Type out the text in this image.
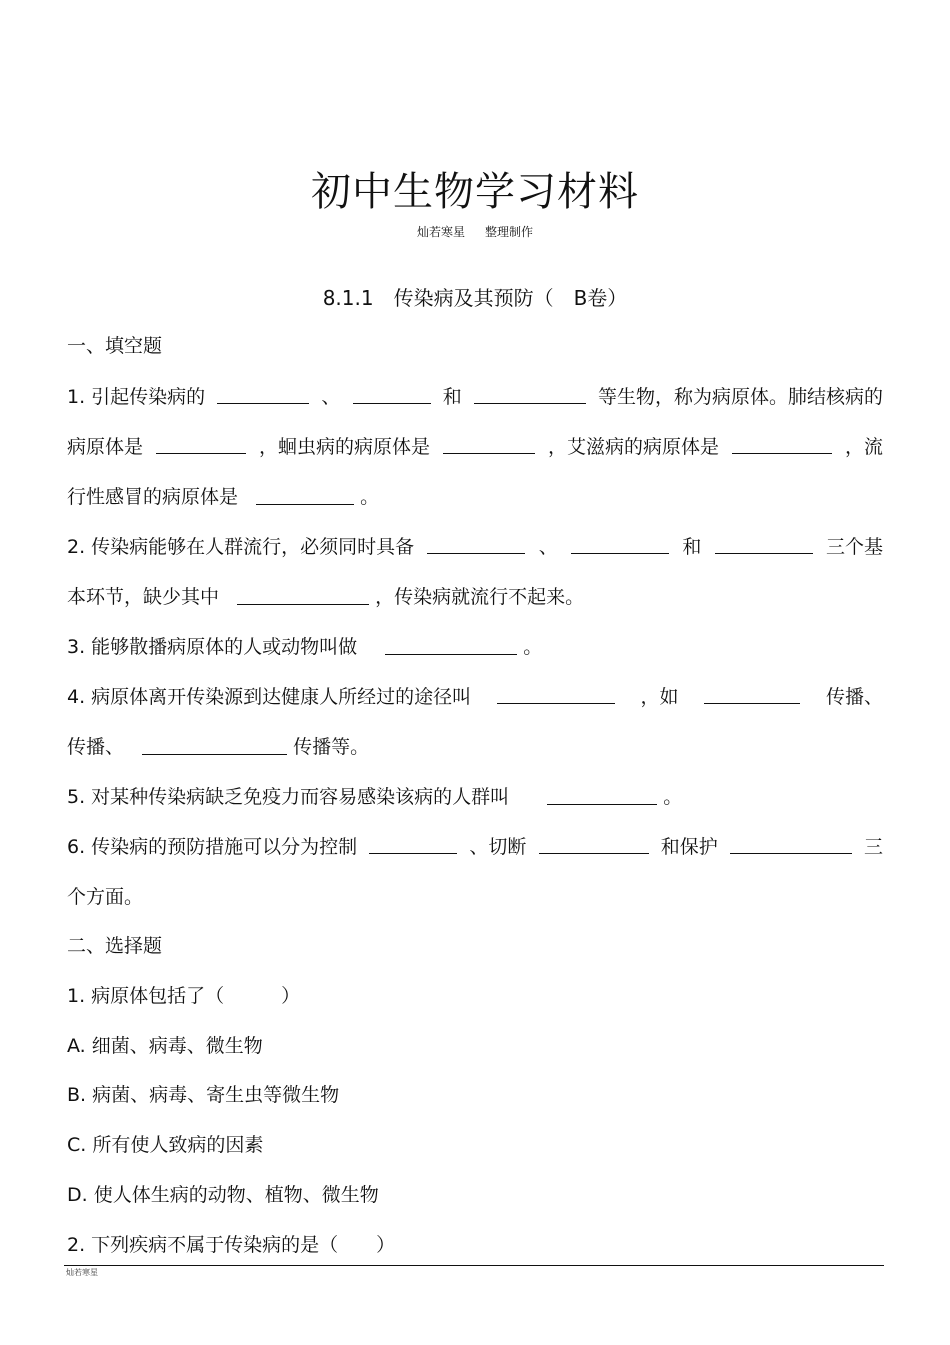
初中生物学习材料
灿若寒星 整理制作
8.1.1　传染病及其预防（　B卷）
一、填空题
1. 引起传染病的	、	和	等生物，称为病原体。肺结核病的
病原体是	，蛔虫病的病原体是	，艾滋病的病原体是	，流
行性感冒的病原体是	。
2. 传染病能够在人群流行，必须同时具备	、	和	三个基
本环节，缺少其中	，传染病就流行不起来。
3. 能够散播病原体的人或动物叫做	。
4. 病原体离开传染源到达健康人所经过的途径叫	，如	传播、
传播、	传播等。
5. 对某种传染病缺乏免疫力而容易感染该病的人群叫	。
6. 传染病的预防措施可以分为控制	、切断	和保护	三
个方面。
二、选择题
1. 病原体包括了（　　　）
A. 细菌、病毒、微生物
B. 病菌、病毒、寄生虫等微生物
C. 所有使人致病的因素
D. 使人体生病的动物、植物、微生物
2. 下列疾病不属于传染病的是（　　）
灿若寒星
